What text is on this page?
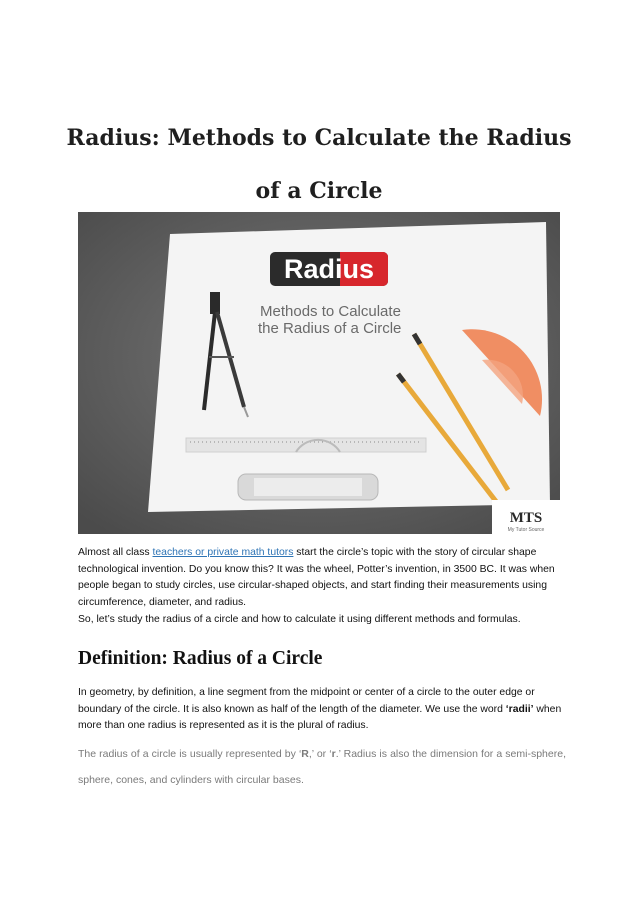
Radius: Methods to Calculate the Radius
of a Circle
Radius
Methods to Calculate
the Radius of a Circle
MTS
My Tutor Source

Almost all class teachers or private math tutors start the circle’s topic with the story of circular shape technological invention. Do you know this? It was the wheel, Potter’s invention, in 3500 BC. It was when people began to study circles, use circular-shaped objects, and start finding their measurements using circumference, diameter, and radius.

So, let’s study the radius of a circle and how to calculate it using different methods and formulas.

Definition: Radius of a Circle

In geometry, by definition, a line segment from the midpoint or center of a circle to the outer edge or boundary of the circle. It is also known as half of the length of the diameter. We use the word ‘radii’ when more than one radius is represented as it is the plural of radius.

The radius of a circle is usually represented by ‘R,’ or ‘r.’ Radius is also the dimension for a semi-sphere, sphere, cones, and cylinders with circular bases.
